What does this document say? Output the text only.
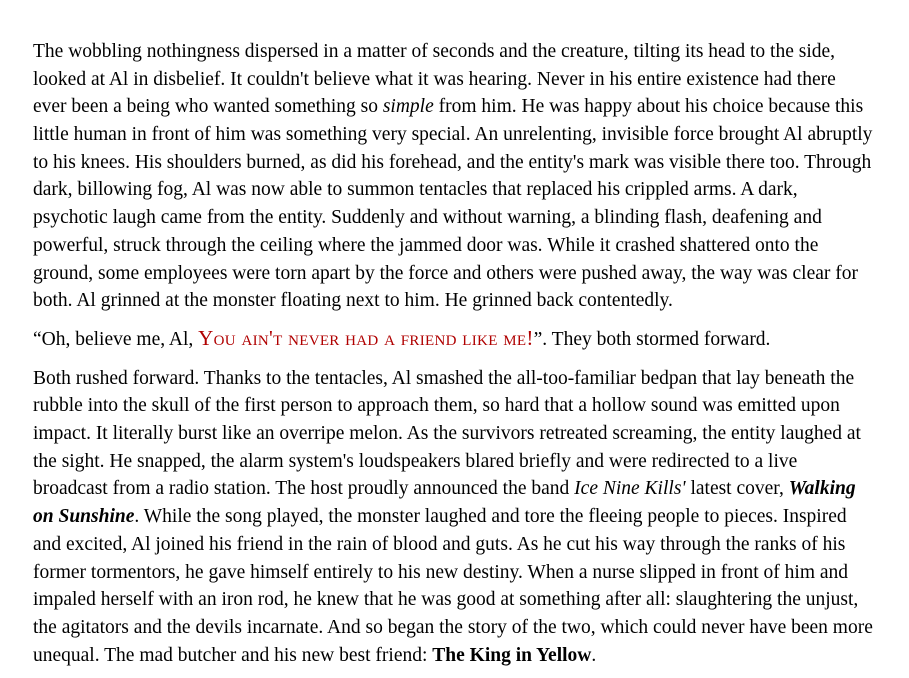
The wobbling nothingness dispersed in a matter of seconds and the creature, tilting its head to the side, looked at Al in disbelief. It couldn't believe what it was hearing. Never in his entire existence had there ever been a being who wanted something so simple from him. He was happy about his choice because this little human in front of him was something very special. An unrelenting, invisible force brought Al abruptly to his knees. His shoulders burned, as did his forehead, and the entity's mark was visible there too. Through dark, billowing fog, Al was now able to summon tentacles that replaced his crippled arms. A dark, psychotic laugh came from the entity. Suddenly and without warning, a blinding flash, deafening and powerful, struck through the ceiling where the jammed door was. While it crashed shattered onto the ground, some employees were torn apart by the force and others were pushed away, the way was clear for both. Al grinned at the monster floating next to him. He grinned back contentedly.

“Oh, believe me, Al, You ain't never had a friend like me!”. They both stormed forward.

Both rushed forward. Thanks to the tentacles, Al smashed the all-too-familiar bedpan that lay beneath the rubble into the skull of the first person to approach them, so hard that a hollow sound was emitted upon impact. It literally burst like an overripe melon. As the survivors retreated screaming, the entity laughed at the sight. He snapped, the alarm system's loudspeakers blared briefly and were redirected to a live broadcast from a radio station. The host proudly announced the band Ice Nine Kills' latest cover, Walking on Sunshine. While the song played, the monster laughed and tore the fleeing people to pieces. Inspired and excited, Al joined his friend in the rain of blood and guts. As he cut his way through the ranks of his former tormentors, he gave himself entirely to his new destiny. When a nurse slipped in front of him and impaled herself with an iron rod, he knew that he was good at something after all: slaughtering the unjust, the agitators and the devils incarnate. And so began the story of the two, which could never have been more unequal. The mad butcher and his new best friend: The King in Yellow.
